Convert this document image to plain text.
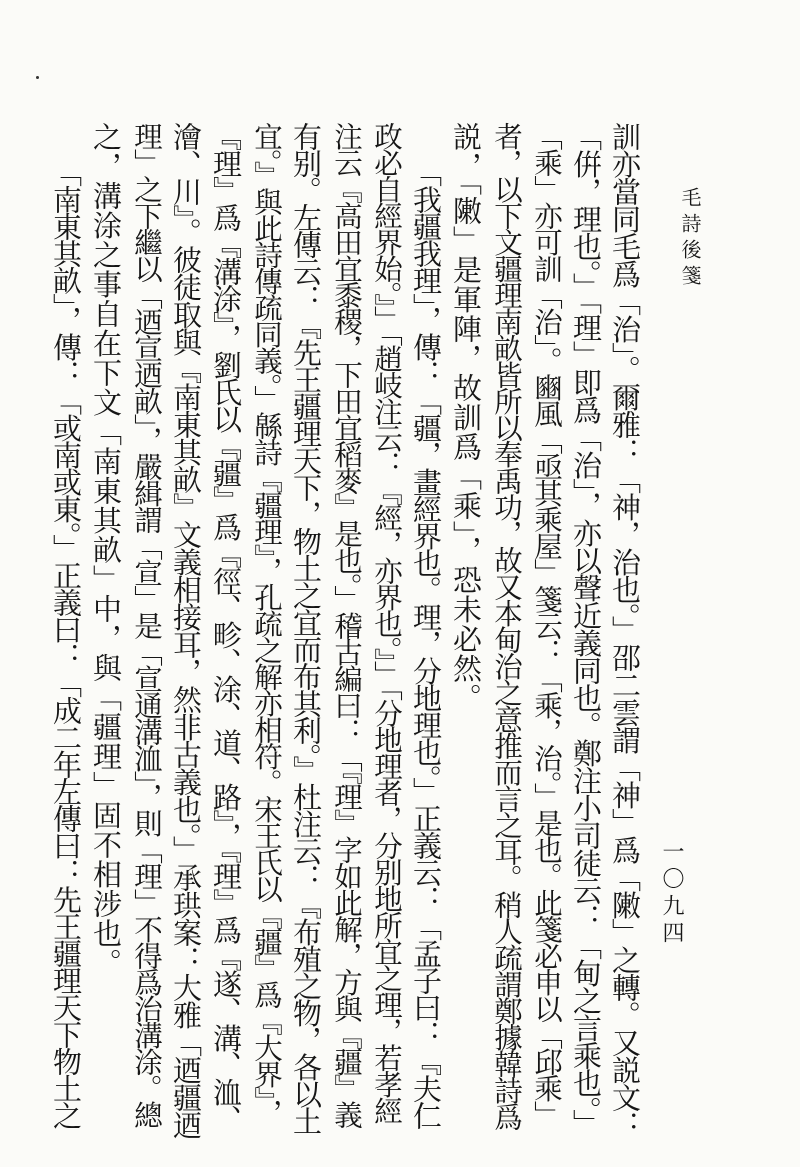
毛詩後箋
一〇九四
訓亦當同毛爲「治」。爾雅：「神，治也。」邵二雲謂「神」爲「敶」之轉。又説文：
「倂，理也。」「理」即爲「治」，亦以聲近義同也。鄭注小司徒云：「甸之言乘也。」
「乘」亦可訓「治」。豳風「亟其乘屋」箋云：「乘，治。」是也。此箋必申以「邱乘」
者，以下文疆理南畝皆所以奉禹功，故又本甸治之意推而言之耳。稍人疏謂鄭據韓詩爲
説，「敶」是軍陣，故訓爲「乘」，恐未必然。
「我疆我理」，傳：「疆，畫經界也。理，分地理也。」正義云：「孟子曰：『夫仁
政必自經界始。』」「趙岐注云：『經，亦界也。』」「分地理者，分别地所宜之理，若孝經
注云『高田宜黍稷，下田宜稻麥』是也。」稽古編曰：「『理』字如此解，方與『疆』義
有别。左傳云：『先王疆理天下，物土之宜而布其利。』杜注云：『布殖之物，各以土
宜。』與此詩傳疏同義。」緜詩『疆理』，孔疏之解亦相符。宋王氏以『疆』爲『大界』，
『理』爲『溝涂』，劉氏以『疆』爲『徑、畛、涂、道、路』，『理』爲『遂、溝、洫、
澮、川』。彼徒取與『南東其畝』文義相接耳，然非古義也。」承珙案：大雅「迺疆迺
理」之下繼以「迺宣迺畝」，嚴緝謂「宣」是「宣通溝洫」，則「理」不得爲治溝涂。總
之，溝涂之事自在下文「南東其畝」中，與「疆理」固不相涉也。
「南東其畝」，傳：「或南或東。」正義曰：「成二年左傳曰：先王疆理天下物土之
